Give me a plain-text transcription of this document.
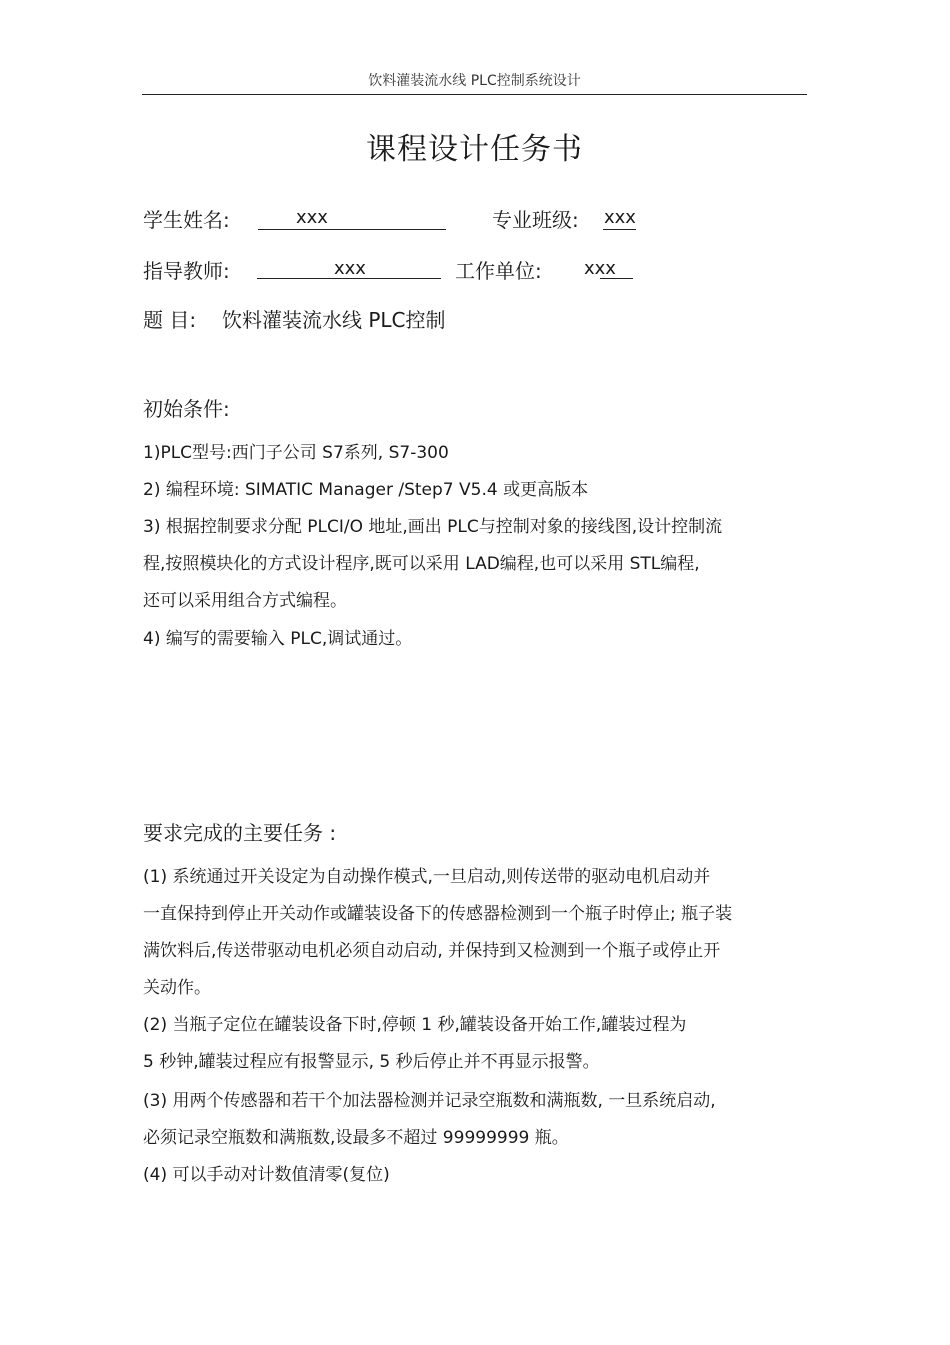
饮料灌装流水线 PLC控制系统设计
课程设计任务书
学生姓名:	xxx	专业班级: xxx
指导教师:	xxx	工作单位: xxx
题 目: 饮料灌装流水线 PLC控制
初始条件:
1)PLC型号:西门子公司 S7系列, S7-300
2) 编程环境: SIMATIC Manager /Step7 V5.4 或更高版本
3) 根据控制要求分配 PLCI/O 地址,画出 PLC与控制对象的接线图,设计控制流
程,按照模块化的方式设计程序,既可以采用 LAD编程,也可以采用 STL编程,
还可以采用组合方式编程。
4) 编写的需要输入 PLC,调试通过。
要求完成的主要任务 :
(1) 系统通过开关设定为自动操作模式,一旦启动,则传送带的驱动电机启动并
一直保持到停止开关动作或罐装设备下的传感器检测到一个瓶子时停止; 瓶子装
满饮料后,传送带驱动电机必须自动启动, 并保持到又检测到一个瓶子或停止开
关动作。
(2) 当瓶子定位在罐装设备下时,停顿 1 秒,罐装设备开始工作,罐装过程为
5 秒钟,罐装过程应有报警显示, 5 秒后停止并不再显示报警。
(3) 用两个传感器和若干个加法器检测并记录空瓶数和满瓶数, 一旦系统启动,
必须记录空瓶数和满瓶数,设最多不超过 99999999 瓶。
(4) 可以手动对计数值清零(复位)
